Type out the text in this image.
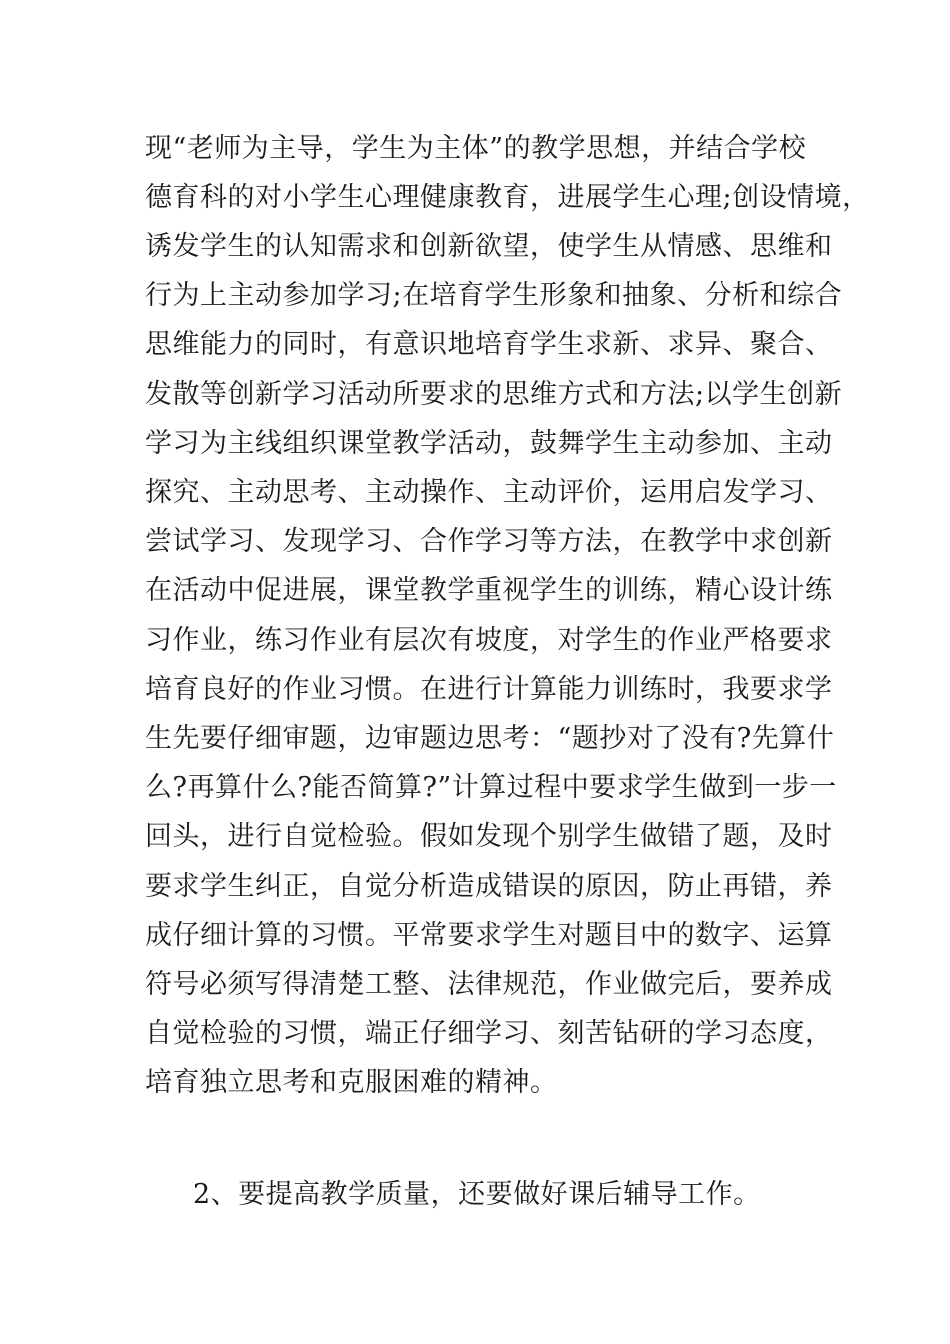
现“老师为主导，学生为主体”的教学思想，并结合学校
德育科的对小学生心理健康教育，进展学生心理;创设情境，
诱发学生的认知需求和创新欲望，使学生从情感、思维和
行为上主动参加学习;在培育学生形象和抽象、分析和综合
思维能力的同时，有意识地培育学生求新、求异、聚合、
发散等创新学习活动所要求的思维方式和方法;以学生创新
学习为主线组织课堂教学活动，鼓舞学生主动参加、主动
探究、主动思考、主动操作、主动评价，运用启发学习、
尝试学习、发现学习、合作学习等方法，在教学中求创新
在活动中促进展，课堂教学重视学生的训练，精心设计练
习作业，练习作业有层次有坡度，对学生的作业严格要求
培育良好的作业习惯。在进行计算能力训练时，我要求学
生先要仔细审题，边审题边思考：“题抄对了没有?先算什
么?再算什么?能否简算?”计算过程中要求学生做到一步一
回头，进行自觉检验。假如发现个别学生做错了题，及时
要求学生纠正，自觉分析造成错误的原因，防止再错，养
成仔细计算的习惯。平常要求学生对题目中的数字、运算
符号必须写得清楚工整、法律规范，作业做完后，要养成
自觉检验的习惯，端正仔细学习、刻苦钻研的学习态度，
培育独立思考和克服困难的精神。
2、要提高教学质量，还要做好课后辅导工作。
